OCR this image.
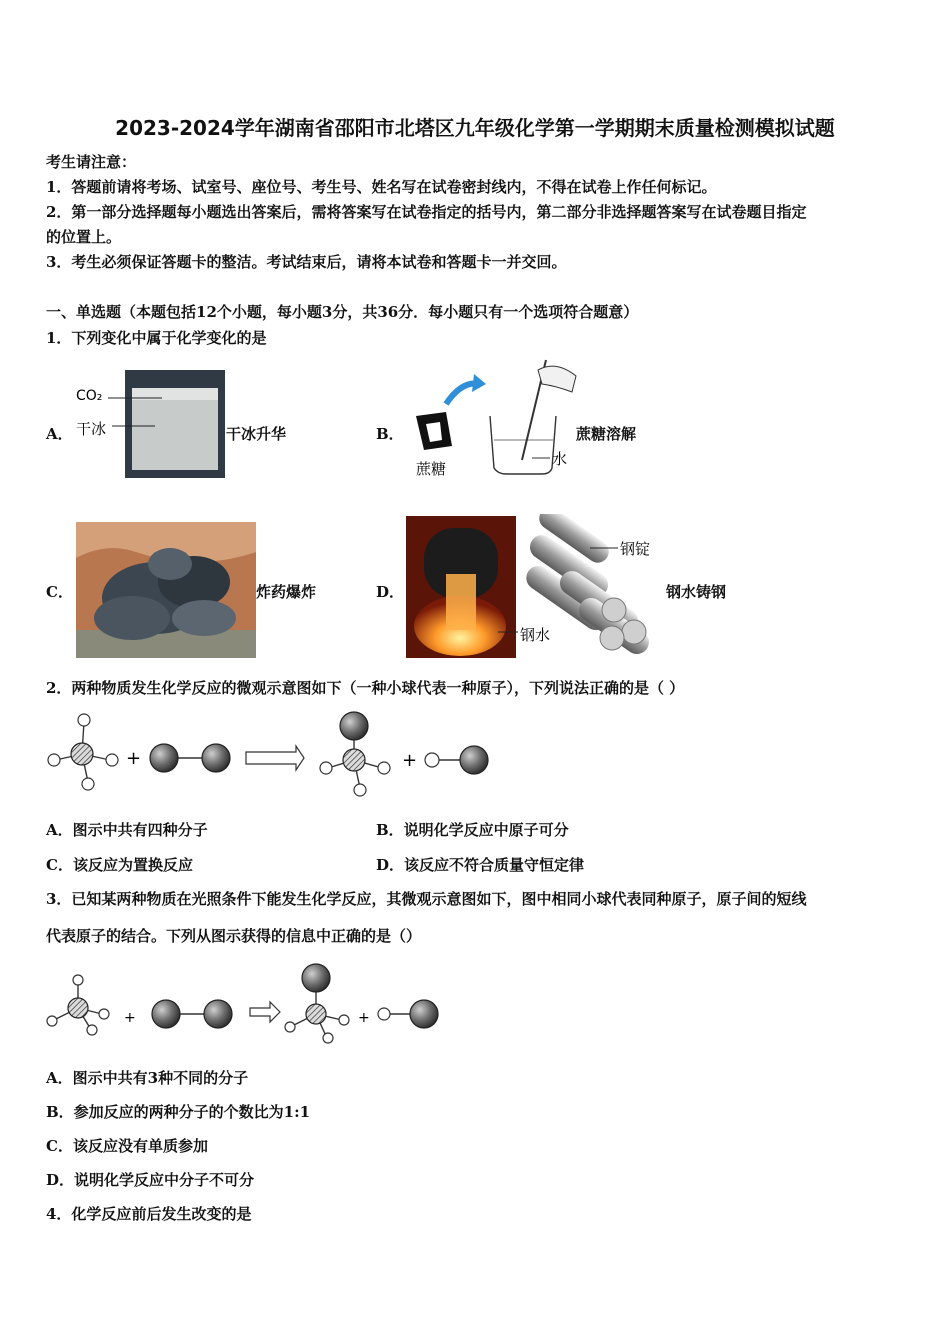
2023-2024学年湖南省邵阳市北塔区九年级化学第一学期期末质量检测模拟试题
考生请注意：
1．答题前请将考场、试室号、座位号、考生号、姓名写在试卷密封线内，不得在试卷上作任何标记。
2．第一部分选择题每小题选出答案后，需将答案写在试卷指定的括号内，第二部分非选择题答案写在试卷题目指定
的位置上。
3．考生必须保证答题卡的整洁。考试结束后，请将本试卷和答题卡一并交回。
一、单选题（本题包括12个小题，每小题3分，共36分．每小题只有一个选项符合题意）
1．下列变化中属于化学变化的是
A．
CO₂
干冰	干冰升华	B．
蔗糖
水
蔗糖溶解
C．	炸药爆炸	D．
钢锭
钢水
钢水铸钢
2．两种物质发生化学反应的微观示意图如下（一种小球代表一种原子），下列说法正确的是（ ）
+	+
A．图示中共有四种分子	B．说明化学反应中原子可分
C．该反应为置换反应	D．该反应不符合质量守恒定律
3．已知某两种物质在光照条件下能发生化学反应，其微观示意图如下，图中相同小球代表同种原子，原子间的短线
代表原子的结合。下列从图示获得的信息中正确的是（）
+	+
A．图示中共有3种不同的分子
B．参加反应的两种分子的个数比为1:1
C．该反应没有单质参加
D．说明化学反应中分子不可分
4．化学反应前后发生改变的是
